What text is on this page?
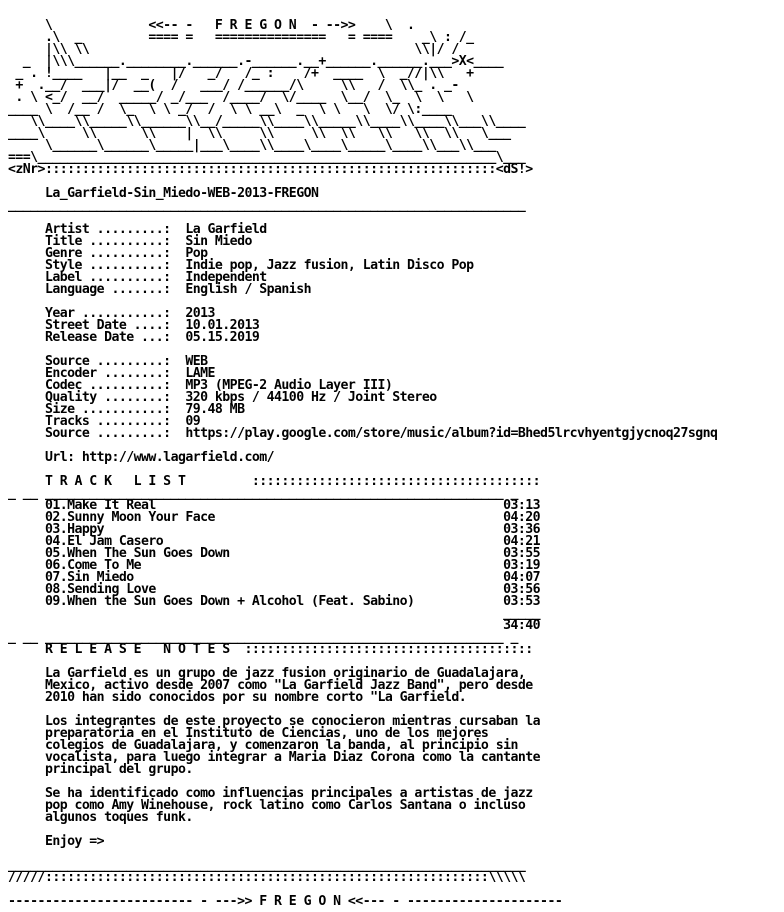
\             <<-- -   F R E G O N  - -->>    \  .
.\  _         ==== =   ===============   = ====    _\ : /_
|\\ \\                                            \\|/ /
_  |\\\______.________.______.-______.__+______.______.___>X<____
_ . !____   |__  _   |/   _/   /_ :    /+  ____  \  _//|\\   +
+  .__/  ___|/  __(  /   ___/ /______/\     \\   /  \\_ . _-
. \ <_/  __/  _____/ _/___  /____/  \/____  \__/  \_  \  \   \
____ \  /__ /  \_  \ \ _/  /  \ \ __\  _  \ \   \  \/ \:____
\\____\\_____\\______\\__/_____\\____\\_____\\____\\____\\___\\____
____\     \\      \\    |  \\     \\     \\  \\   \\   \\  \\   \___
\______\______\_____|___\____\\____\____\_____\____\\___\\___
===\______________________________________________________________\___
<zNr>:::::::::::::::::::::::::::::::::::::::::::::::::::::::::::::<dS!>
La_Garfield-Sin_Miedo-WEB-2013-FREGON
______________________________________________________________________
Artist .........:  La Garfield
Title ..........:  Sin Miedo
Genre ..........:  Pop
Style ..........:  Indie pop, Jazz fusion, Latin Disco Pop
Label ..........:  Independent
Language .......:  English / Spanish
Year ...........:  2013
Street Date ....:  10.01.2013
Release Date ...:  05.15.2019
Source .........:  WEB
Encoder ........:  LAME
Codec ..........:  MP3 (MPEG-2 Audio Layer III)
Quality ........:  320 kbps / 44100 Hz / Joint Stereo
Size ...........:  79.48 MB
Tracks .........:  09
Source .........:  https://play.google.com/store/music/album?id=Bhed5lrcvhyentgjycnoq27sgnq
Url: http://www.lagarfield.com/
T R A C K   L I S T         :::::::::::::::::::::::::::::::::::::::
_ __ ______________________________________________________________ _
01.Make It Real                                               03:13
02.Sunny Moon Your Face                                       04:20
03.Happy                                                      03:36
04.El Jam Casero                                              04:21
05.When The Sun Goes Down                                     03:55
06.Come To Me                                                 03:19
07.Sin Miedo                                                  04:07
08.Sending Love                                               03:56
09.When the Sun Goes Down + Alcohol (Feat. Sabino)            03:53
_____
34:40
_ __ ______________________________________________________________ _
R E L E A S E   N O T E S  :::::::::::::::::::::::::::::::::::::::
La Garfield es un grupo de jazz fusion originario de Guadalajara,
Mexico, activo desde 2007 como "La Garfield Jazz Band", pero desde
2010 han sido conocidos por su nombre corto "La Garfield.
Los integrantes de este proyecto se conocieron mientras cursaban la
preparatoria en el Instituto de Ciencias, uno de los mejores
colegios de Guadalajara, y comenzaron la banda, al principio sin
vocalista, para luego integrar a Maria Diaz Corona como la cantante
principal del grupo.
Se ha identificado como influencias principales a artistas de jazz
pop como Amy Winehouse, rock latino como Carlos Santana o incluso
algunos toques funk.
Enjoy =>
______________________________________________________________________
/////::::::::::::::::::::::::::::::::::::::::::::::::::::::::::::\\\\\
------------------------- - --->> F R E G O N <<--- - ---------------------
